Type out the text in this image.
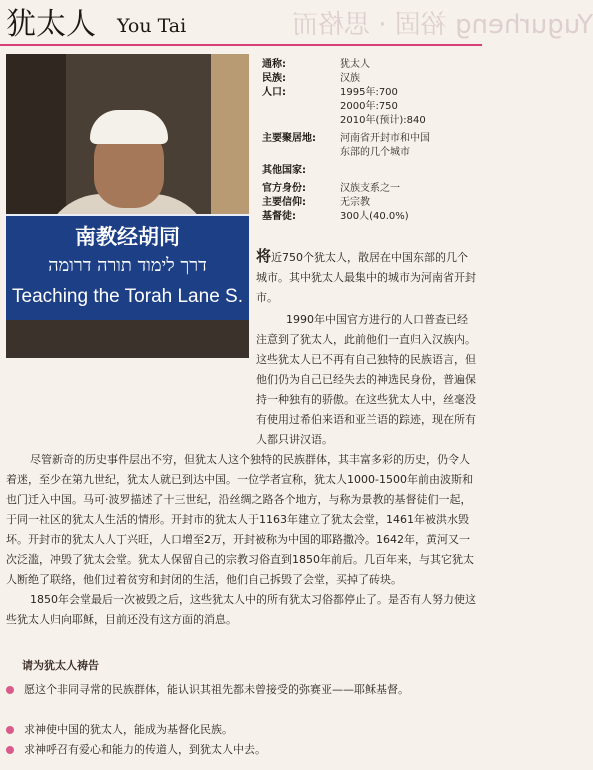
Yugurheng 裕固 · 思格而
犹太人 You Tai
南教经胡同
דרך לימוד תורה דרומה
Teaching the Torah Lane S.
通称:	犹太人
民族:	汉族
人口:	1995年:700
2000年:750
2010年(预计):840
主要聚居地:	河南省开封市和中国
东部的几个城市
其他国家:
官方身份:	汉族支系之一
主要信仰:	无宗教
基督徒:	300人(40.0%)
将近750个犹太人，散居在中国东部的几个城市。其中犹太人最集中的城市为河南省开封市。
1990年中国官方进行的人口普查已经注意到了犹太人，此前他们一直归入汉族内。这些犹太人已不再有自己独特的民族语言，但他们仍为自己已经失去的神选民身份，普遍保持一种独有的骄傲。在这些犹太人中，丝毫没有使用过希伯来语和亚兰语的踪迹，现在所有人都只讲汉语。
尽管新奇的历史事件层出不穷，但犹太人这个独特的民族群体，其丰富多彩的历史，仍令人着迷，至少在第九世纪，犹太人就已到达中国。一位学者宣称，犹太人1000-1500年前由波斯和也门迁入中国。马可·波罗描述了十三世纪，沿丝绸之路各个地方，与称为景教的基督徒们一起，于同一社区的犹太人生活的情形。开封市的犹太人于1163年建立了犹太会堂，1461年被洪水毁坏。开封市的犹太人人丁兴旺，人口增至2万，开封被称为中国的耶路撒冷。1642年，黄河又一次泛滥，冲毁了犹太会堂。犹太人保留自己的宗教习俗直到1850年前后。几百年来，与其它犹太人断绝了联络，他们过着贫穷和封闭的生活，他们自己拆毁了会堂，买掉了砖块。
1850年会堂最后一次被毁之后，这些犹太人中的所有犹太习俗都停止了。是否有人努力使这些犹太人归向耶稣，目前还没有这方面的消息。
请为犹太人祷告
愿这个非同寻常的民族群体，能认识其祖先都未曾接受的弥赛亚——耶稣基督。
求神使中国的犹太人，能成为基督化民族。
求神呼召有爱心和能力的传道人，到犹太人中去。
